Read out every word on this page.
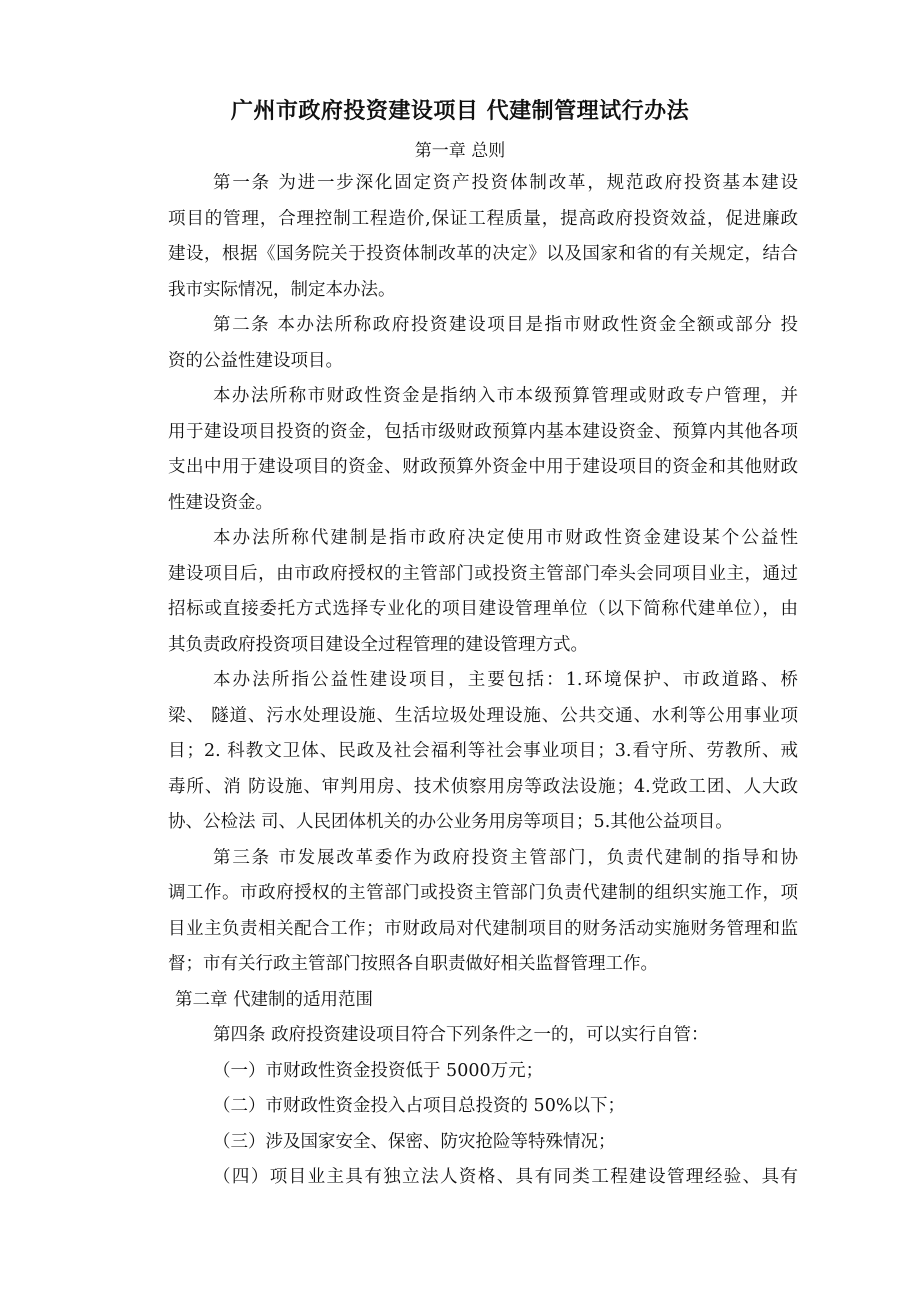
广州市政府投资建设项目 代建制管理试行办法
第一章 总则
第一条 为进一步深化固定资产投资体制改革，规范政府投资基本建设
项目的管理，合理控制工程造价,保证工程质量，提高政府投资效益，促进廉政
建设，根据《国务院关于投资体制改革的决定》以及国家和省的有关规定，结合
我市实际情况，制定本办法。
第二条 本办法所称政府投资建设项目是指市财政性资金全额或部分 投
资的公益性建设项目。
本办法所称市财政性资金是指纳入市本级预算管理或财政专户管理，并
用于建设项目投资的资金，包括市级财政预算内基本建设资金、预算内其他各项
支出中用于建设项目的资金、财政预算外资金中用于建设项目的资金和其他财政
性建设资金。
本办法所称代建制是指市政府决定使用市财政性资金建设某个公益性
建设项目后，由市政府授权的主管部门或投资主管部门牵头会同项目业主，通过
招标或直接委托方式选择专业化的项目建设管理单位（以下简称代建单位），由
其负责政府投资项目建设全过程管理的建设管理方式。
本办法所指公益性建设项目，主要包括：1.环境保护、市政道路、桥
梁、 隧道、污水处理设施、生活垃圾处理设施、公共交通、水利等公用事业项
目；2. 科教文卫体、民政及社会福利等社会事业项目；3.看守所、劳教所、戒
毒所、消 防设施、审判用房、技术侦察用房等政法设施；4.党政工团、人大政
协、公检法 司、人民团体机关的办公业务用房等项目；5.其他公益项目。
第三条 市发展改革委作为政府投资主管部门，负责代建制的指导和协
调工作。市政府授权的主管部门或投资主管部门负责代建制的组织实施工作，项
目业主负责相关配合工作；市财政局对代建制项目的财务活动实施财务管理和监
督；市有关行政主管部门按照各自职责做好相关监督管理工作。
第二章 代建制的适用范围
第四条 政府投资建设项目符合下列条件之一的，可以实行自管：
（一）市财政性资金投资低于 5000万元；
（二）市财政性资金投入占项目总投资的 50%以下；
（三）涉及国家安全、保密、防灾抢险等特殊情况；
（四）项目业主具有独立法人资格、具有同类工程建设管理经验、具有
